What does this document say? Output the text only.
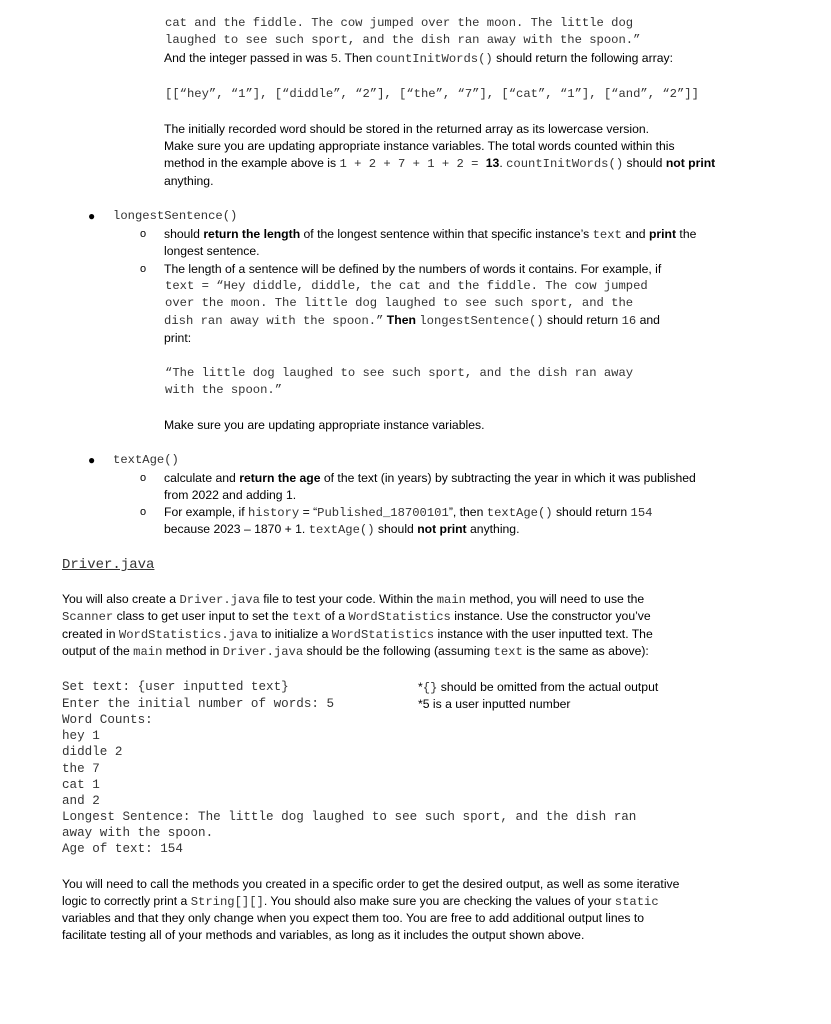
cat and the fiddle. The cow jumped over the moon. The little dog
laughed to see such sport, and the dish ran away with the spoon.”
And the integer passed in was 5. Then countInitWords() should return the following array:
[[“hey”, “1”], [“diddle”, “2”], [“the”, “7”], [“cat”, “1”], [“and”, “2”]]
The initially recorded word should be stored in the returned array as its lowercase version.
Make sure you are updating appropriate instance variables. The total words counted within this
method in the example above is 1 + 2 + 7 + 1 + 2 = 13. countInitWords() should not print
anything.
● longestSentence()
o should return the length of the longest sentence within that specific instance’s text and print the
longest sentence.
o The length of a sentence will be defined by the numbers of words it contains. For example, if
text = “Hey diddle, diddle, the cat and the fiddle. The cow jumped
over the moon. The little dog laughed to see such sport, and the
dish ran away with the spoon.” Then longestSentence() should return 16 and
print:
“The little dog laughed to see such sport, and the dish ran away
with the spoon.”
Make sure you are updating appropriate instance variables.
● textAge()
o calculate and return the age of the text (in years) by subtracting the year in which it was published
from 2022 and adding 1.
o For example, if history = “Published_18700101”, then textAge() should return 154
because 2023 – 1870 + 1. textAge() should not print anything.
Driver.java
You will also create a Driver.java file to test your code. Within the main method, you will need to use the
Scanner class to get user input to set the text of a WordStatistics instance. Use the constructor you’ve
created in WordStatistics.java to initialize a WordStatistics instance with the user inputted text. The
output of the main method in Driver.java should be the following (assuming text is the same as above):
Set text: {user inputted text}
Enter the initial number of words: 5
Word Counts:
hey 1
diddle 2
the 7
cat 1
and 2
Longest Sentence: The little dog laughed to see such sport, and the dish ran
away with the spoon.
Age of text: 154
*{} should be omitted from the actual output
*5 is a user inputted number
You will need to call the methods you created in a specific order to get the desired output, as well as some iterative
logic to correctly print a String[][]. You should also make sure you are checking the values of your static
variables and that they only change when you expect them too. You are free to add additional output lines to
facilitate testing all of your methods and variables, as long as it includes the output shown above.
